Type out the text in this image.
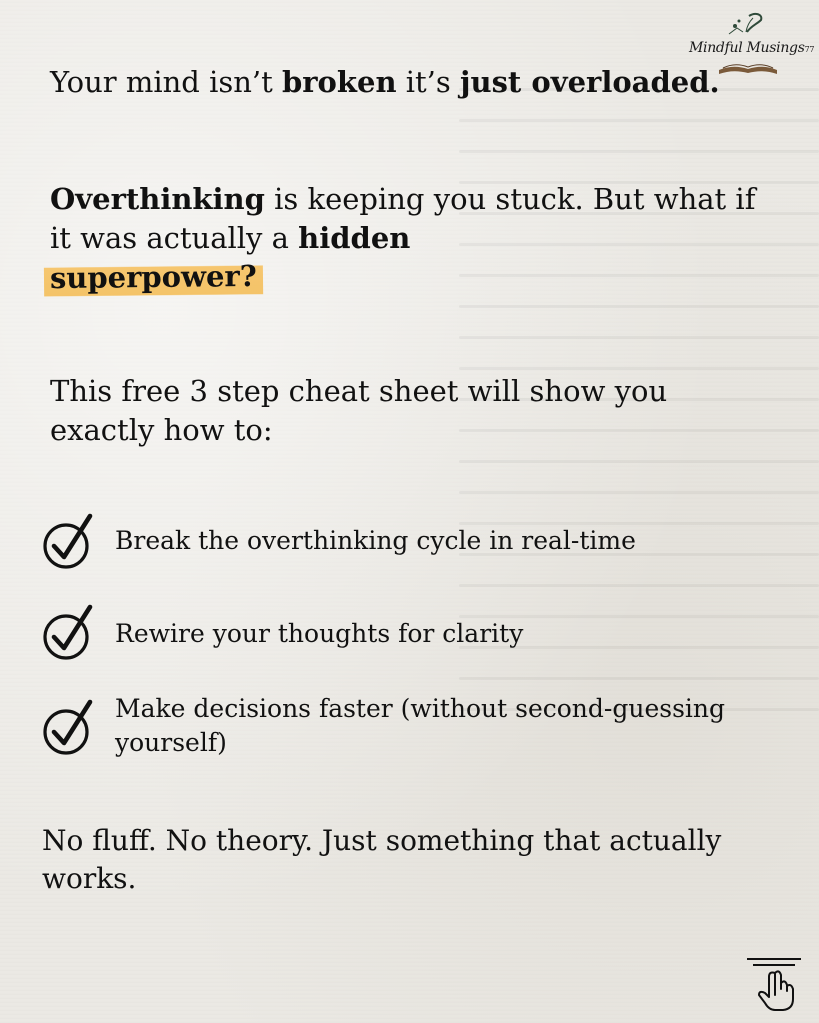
Mindful Musings77
Your mind isn’t broken it’s just overloaded.
Overthinking is keeping you stuck. But what if it was actually a hidden
superpower?
This free 3 step cheat sheet will show you exactly how to:
Break the overthinking cycle in real-time
Rewire your thoughts for clarity
Make decisions faster (without second-guessing yourself)
No fluff. No theory. Just something that actually works.
